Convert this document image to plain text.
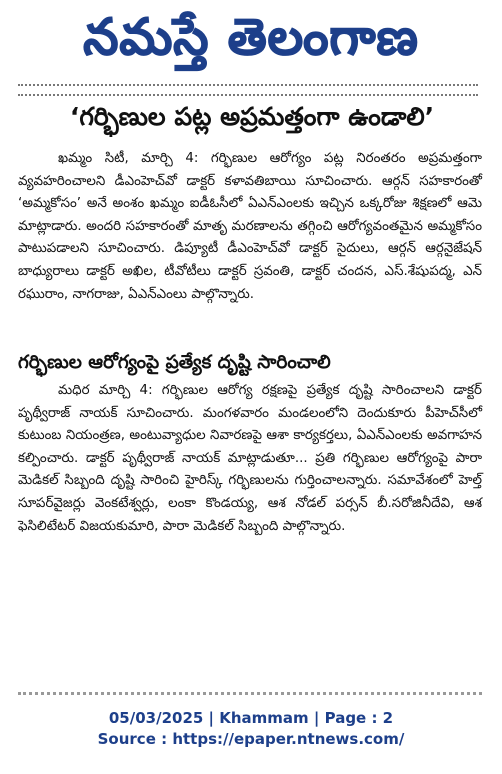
నమస్తే తెలంగాణ
‘గర్భిణుల పట్ల అప్రమత్తంగా ఉండాలి’

ఖమ్మం సిటీ, మార్చి 4: గర్భిణుల ఆరోగ్యం పట్ల నిరంతరం అప్రమత్తంగా వ్యవహరించాలని డీఎంహెచ్‌వో డాక్టర్ కళావతిబాయి సూచించారు. ఆర్గన్ సహకారంతో ‘అమ్మకోసం’ అనే అంశం ఖమ్మం ఐడీఓసీలో ఏఎన్ఎంలకు ఇచ్చిన ఒక్కరోజు శిక్షణలో ఆమె మాట్లాడారు. అందరి సహకారంతో మాతృ మరణాలను తగ్గించి ఆరోగ్యవంతమైన అమ్మకోసం పాటుపడాలని సూచించారు. డిప్యూటీ డీఎంహెచ్‌వో డాక్టర్ సైదులు, ఆర్గన్ ఆర్గనైజేషన్ బాధ్యురాలు డాక్టర్ అఖిల, టీవోటీలు డాక్టర్ స్రవంతి, డాక్టర్ చందన, ఎస్.శేషుపద్మ, ఎన్ రఘురాం, నాగరాజు, ఏఎన్ఎంలు పాల్గొన్నారు.

గర్భిణుల ఆరోగ్యంపై ప్రత్యేక దృష్టి సారించాలి

మధిర మార్చి 4: గర్భిణుల ఆరోగ్య రక్షణపై ప్రత్యేక దృష్టి సారించాలని డాక్టర్ పృథ్వీరాజ్ నాయక్ సూచించారు. మంగళవారం మండలంలోని దెందుకూరు పీహెచ్‌సీలో కుటుంబ నియంత్రణ, అంటువ్యాధుల నివారణపై ఆశా కార్యకర్తలు, ఏఎన్ఎంలకు అవగాహన కల్పించారు. డాక్టర్ పృథ్వీరాజ్ నాయక్ మాట్లాడుతూ... ప్రతి గర్భిణుల ఆరోగ్యంపై పారా మెడికల్ సిబ్బంది దృష్టి సారించి హైరిస్క్ గర్భిణులను గుర్తించాలన్నారు. సమావేశంలో హెల్త్ సూపర్‌వైజర్లు వెంకటేశ్వర్లు, లంకా కొండయ్య, ఆశ నోడల్ పర్సన్ బీ.సరోజినీదేవి, ఆశ ఫెసిలిటేటర్ విజయకుమారి, పారా మెడికల్ సిబ్బంది పాల్గొన్నారు.

05/03/2025 | Khammam | Page : 2
Source : https://epaper.ntnews.com/
